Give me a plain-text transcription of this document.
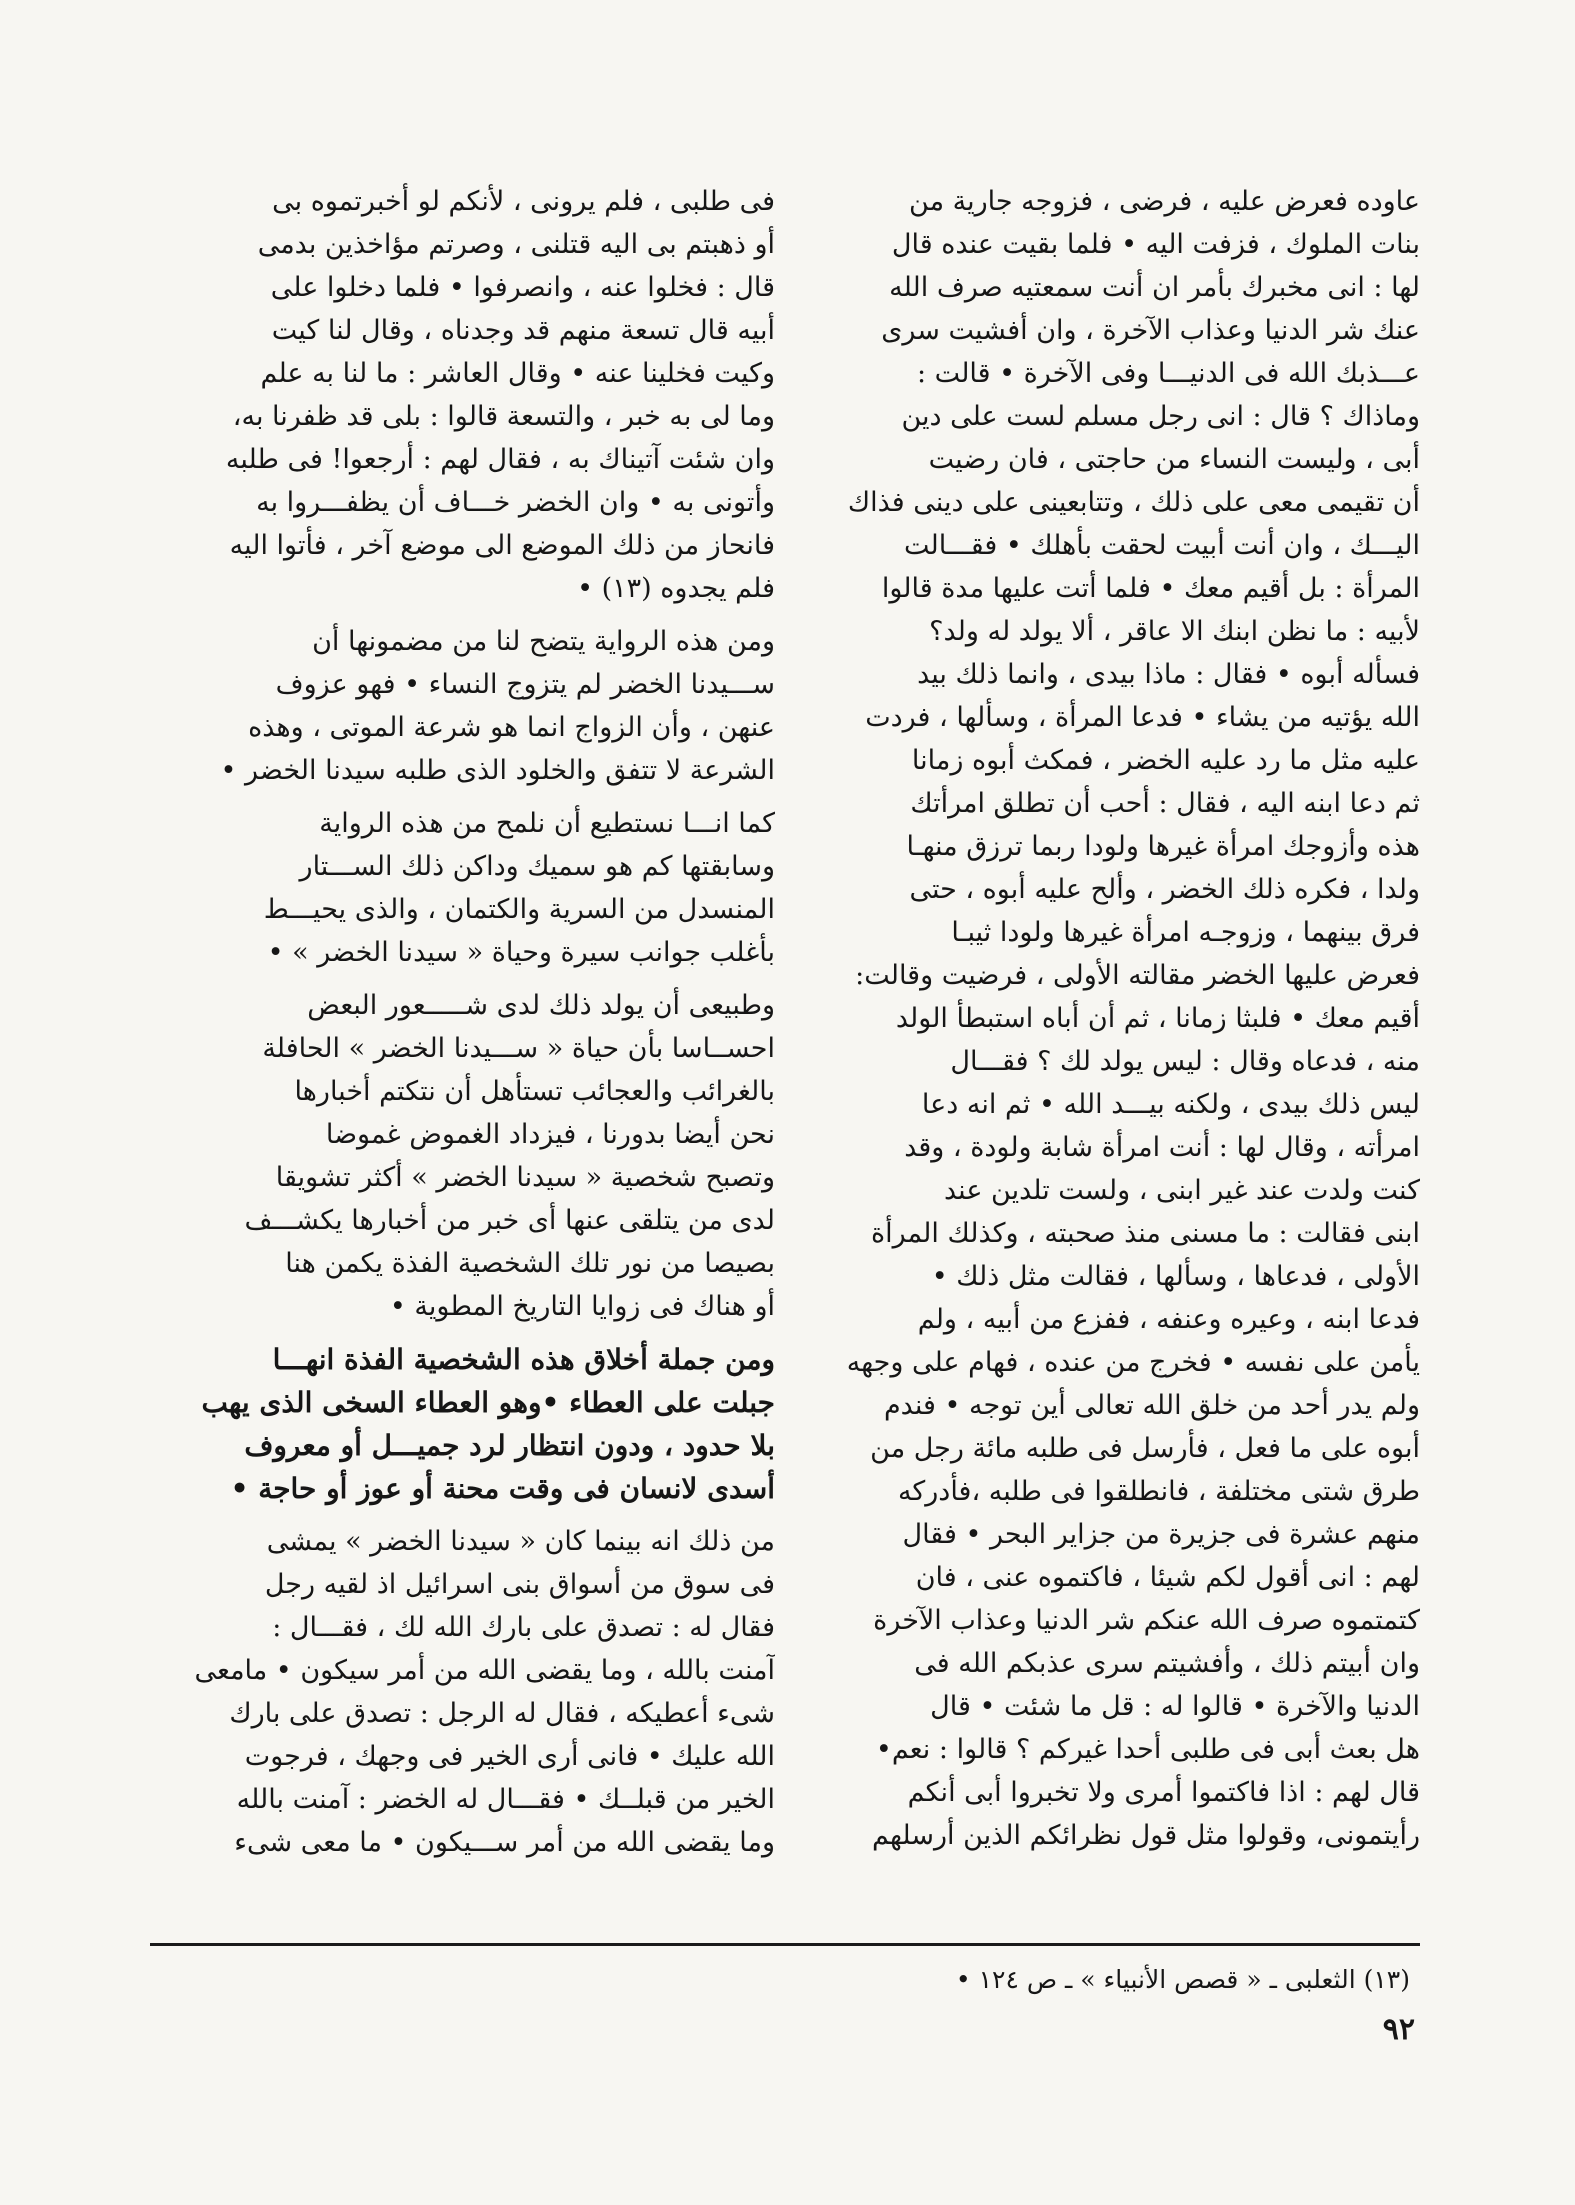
عاوده فعرض عليه ، فرضى ، فزوجه جارية من
بنات الملوك ، فزفت اليه • فلما بقيت عنده قال
لها : انى مخبرك بأمر ان أنت سمعتيه صرف الله
عنك شر الدنيا وعذاب الآخرة ، وان أفشيت سرى
عـــذبك الله فى الدنيـــا وفى الآخرة • قالت :
وماذاك ؟ قال : انى رجل مسلم لست على دين
أبى ، وليست النساء من حاجتى ، فان رضيت
أن تقيمى معى على ذلك ، وتتابعينى على دينى فذاك
اليـــك ، وان أنت أبيت لحقت بأهلك • فقـــالت
المرأة : بل أقيم معك • فلما أتت عليها مدة قالوا
لأبيه : ما نظن ابنك الا عاقر ، ألا يولد له ولد؟
فسأله أبوه • فقال : ماذا بيدى ، وانما ذلك بيد
الله يؤتيه من يشاء • فدعا المرأة ، وسألها ، فردت
عليه مثل ما رد عليه الخضر ، فمكث أبوه زمانا
ثم دعا ابنه اليه ، فقال : أحب أن تطلق امرأتك
هذه وأزوجك امرأة غيرها ولودا ربما ترزق منهـا
ولدا ، فكره ذلك الخضر ، وألح عليه أبوه ، حتى
فرق بينهما ، وزوجـه امرأة غيرها ولودا ثيبـا
فعرض عليها الخضر مقالته الأولى ، فرضيت وقالت:
أقيم معك • فلبثا زمانا ، ثم أن أباه استبطأ الولد
منه ، فدعاه وقال : ليس يولد لك ؟ فقـــال
ليس ذلك بيدى ، ولكنه بيـــد الله • ثم انه دعا
امرأته ، وقال لها : أنت امرأة شابة ولودة ، وقد
كنت ولدت عند غير ابنى ، ولست تلدين عند
ابنى فقالت : ما مسنى منذ صحبته ، وكذلك المرأة
الأولى ، فدعاها ، وسألها ، فقالت مثل ذلك •
فدعا ابنه ، وعيره وعنفه ، ففزع من أبيه ، ولم
يأمن على نفسه • فخرج من عنده ، فهام على وجهه
ولم يدر أحد من خلق الله تعالى أين توجه • فندم
أبوه على ما فعل ، فأرسل فى طلبه مائة رجل من
طرق شتى مختلفة ، فانطلقوا فى طلبه ،فأدركه
منهم عشرة فى جزيرة من جزاير البحر • فقال
لهم : انى أقول لكم شيئا ، فاكتموه عنى ، فان
كتمتموه صرف الله عنكم شر الدنيا وعذاب الآخرة
وان أبيتم ذلك ، وأفشيتم سرى عذبكم الله فى
الدنيا والآخرة • قالوا له : قل ما شئت • قال
هل بعث أبى فى طلبى أحدا غيركم ؟ قالوا : نعم•
قال لهم : اذا فاكتموا أمرى ولا تخبروا أبى أنكم
رأيتمونى، وقولوا مثل قول نظرائكم الذين أرسلهم
فى طلبى ، فلم يرونى ، لأنكم لو أخبرتموه بى
أو ذهبتم بى اليه قتلنى ، وصرتم مؤاخذين بدمى
قال : فخلوا عنه ، وانصرفوا • فلما دخلوا على
أبيه قال تسعة منهم قد وجدناه ، وقال لنا كيت
وكيت فخلينا عنه • وقال العاشر : ما لنا به علم
وما لى به خبر ، والتسعة قالوا : بلى قد ظفرنا به،
وان شئت آتيناك به ، فقال لهم : أرجعوا! فى طلبه
وأتونى به • وان الخضر خـــاف أن يظفـــروا به
فانحاز من ذلك الموضع الى موضع آخر ، فأتوا اليه
فلم يجدوه (١٣) •
ومن هذه الرواية يتضح لنا من مضمونها أن
ســـيدنا الخضر لم يتزوج النساء • فهو عزوف
عنهن ، وأن الزواج انما هو شرعة الموتى ، وهذه
الشرعة لا تتفق والخلود الذى طلبه سيدنا الخضر •
كما انـــا نستطيع أن نلمح من هذه الرواية
وسابقتها كم هو سميك وداكن ذلك الســـتار
المنسدل من السرية والكتمان ، والذى يحيـــط
بأغلب جوانب سيرة وحياة « سيدنا الخضر » •
وطبيعى أن يولد ذلك لدى شـــــعور البعض
احســاسا بأن حياة « ســـيدنا الخضر » الحافلة
بالغرائب والعجائب تستأهل أن نتكتم أخبارها
نحن أيضا بدورنا ، فيزداد الغموض غموضا
وتصبح شخصية « سيدنا الخضر » أكثر تشويقا
لدى من يتلقى عنها أى خبر من أخبارها يكشـــف
بصيصا من نور تلك الشخصية الفذة يكمن هنا
أو هناك فى زوايا التاريخ المطوية •
ومن جملة أخلاق هذه الشخصية الفذة انهـــا
جبلت على العطاء •وهو العطاء السخى الذى يهب
بلا حدود ، ودون انتظار لرد جميـــل أو معروف
أسدى لانسان فى وقت محنة أو عوز أو حاجة •
من ذلك انه بينما كان « سيدنا الخضر » يمشى
فى سوق من أسواق بنى اسرائيل اذ لقيه رجل
فقال له : تصدق على بارك الله لك ، فقـــال :
آمنت بالله ، وما يقضى الله من أمر سيكون • مامعى
شىء أعطيكه ، فقال له الرجل : تصدق على بارك
الله عليك • فانى أرى الخير فى وجهك ، فرجوت
الخير من قبلــك • فقـــال له الخضر : آمنت بالله
وما يقضى الله من أمر ســـيكون • ما معى شىء
(١٣) الثعلبى ـ « قصص الأنبياء » ـ ص ١٢٤ •
٩٢
